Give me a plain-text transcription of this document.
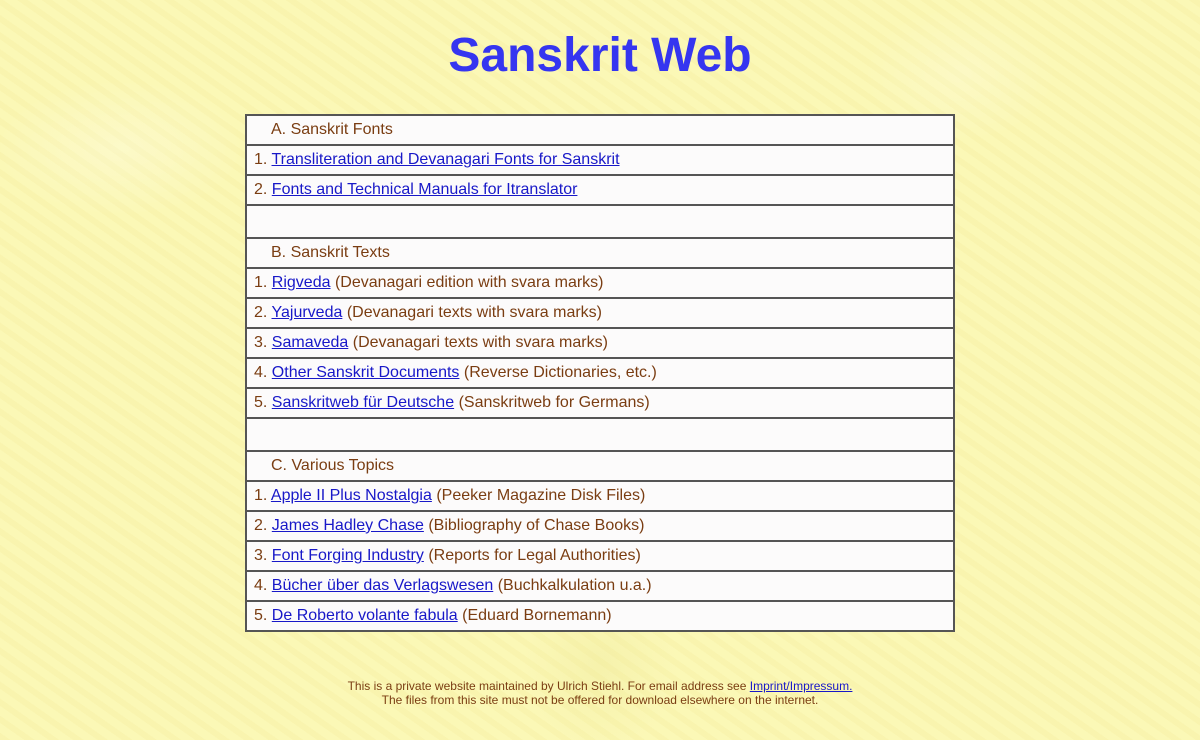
Sanskrit Web
A. Sanskrit Fonts
1. Transliteration and Devanagari Fonts for Sanskrit
2. Fonts and Technical Manuals for Itranslator

B. Sanskrit Texts
1. Rigveda (Devanagari edition with svara marks)
2. Yajurveda (Devanagari texts with svara marks)
3. Samaveda (Devanagari texts with svara marks)
4. Other Sanskrit Documents (Reverse Dictionaries, etc.)
5. Sanskritweb für Deutsche (Sanskritweb for Germans)

C. Various Topics
1. Apple II Plus Nostalgia (Peeker Magazine Disk Files)
2. James Hadley Chase (Bibliography of Chase Books)
3. Font Forging Industry (Reports for Legal Authorities)
4. Bücher über das Verlagswesen (Buchkalkulation u.a.)
5. De Roberto volante fabula (Eduard Bornemann)
This is a private website maintained by Ulrich Stiehl. For email address see Imprint/Impressum.
The files from this site must not be offered for download elsewhere on the internet.
